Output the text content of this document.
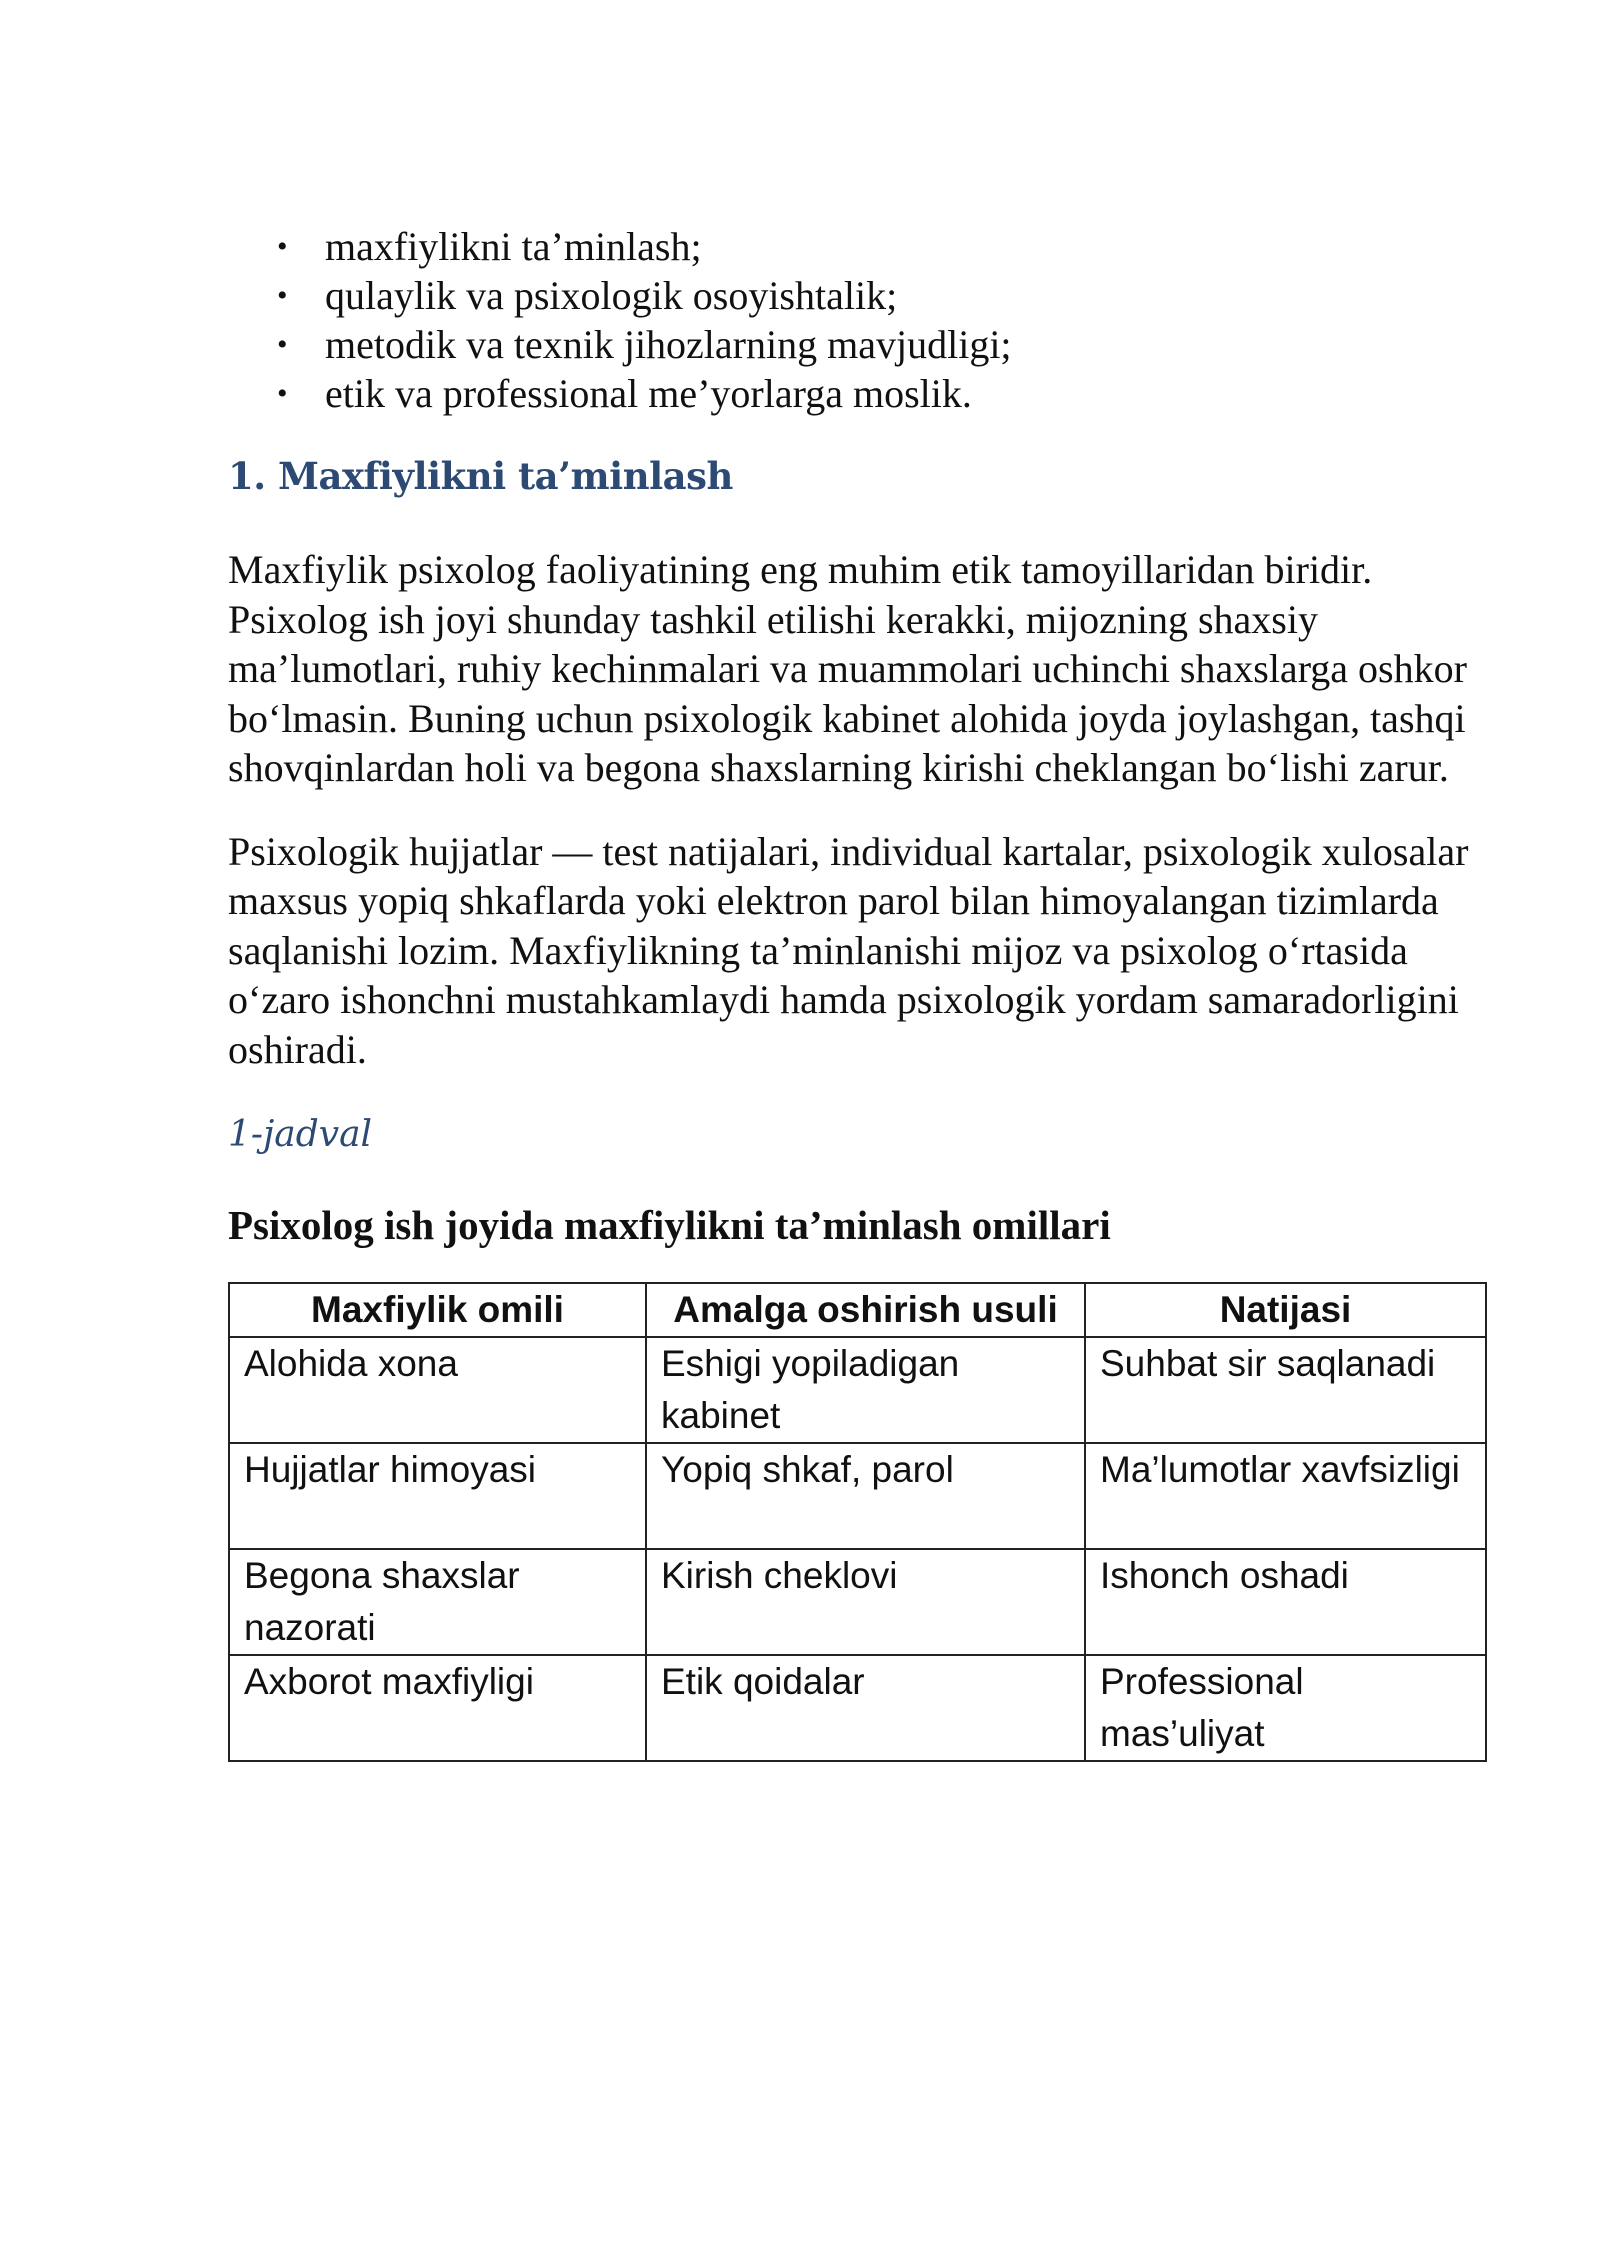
• maxfiylikni ta’minlash;
• qulaylik va psixologik osoyishtalik;
• metodik va texnik jihozlarning mavjudligi;
• etik va professional me’yorlarga moslik.
1. Maxfiylikni ta’minlash

Maxfiylik psixolog faoliyatining eng muhim etik tamoyillaridan biridir. Psixolog ish joyi shunday tashkil etilishi kerakki, mijozning shaxsiy ma’lumotlari, ruhiy kechinmalari va muammolari uchinchi shaxslarga oshkor bo‘lmasin. Buning uchun psixologik kabinet alohida joyda joylashgan, tashqi shovqinlardan holi va begona shaxslarning kirishi cheklangan bo‘lishi zarur.

Psixologik hujjatlar — test natijalari, individual kartalar, psixologik xulosalar maxsus yopiq shkaflarda yoki elektron parol bilan himoyalangan tizimlarda saqlanishi lozim. Maxfiylikning ta’minlanishi mijoz va psixolog o‘rtasida o‘zaro ishonchni mustahkamlaydi hamda psixologik yordam samaradorligini oshiradi.

1-jadval
Psixolog ish joyida maxfiylikni ta’minlash omillari
Maxfiylik omili	Amalga oshirish usuli	Natijasi
Alohida xona	Eshigi yopiladigan kabinet	Suhbat sir saqlanadi
Hujjatlar himoyasi	Yopiq shkaf, parol	Ma’lumotlar xavfsizligi
Begona shaxslar nazorati	Kirish cheklovi	Ishonch oshadi
Axborot maxfiyligi	Etik qoidalar	Professional mas’uliyat
